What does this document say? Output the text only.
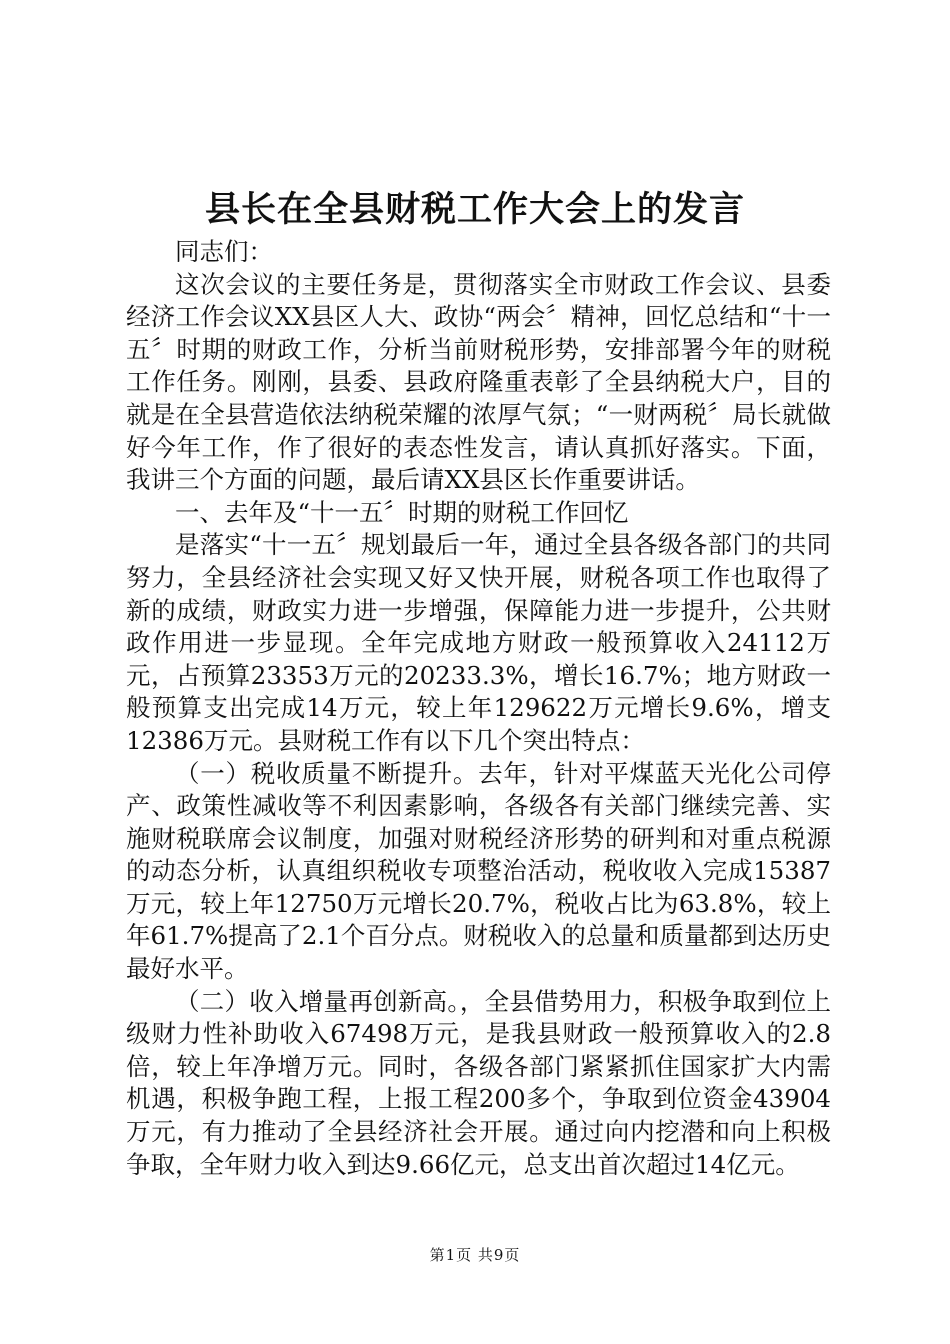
县长在全县财税工作大会上的发言

同志们：

这次会议的主要任务是，贯彻落实全市财政工作会议、县委经济工作会议XX县区人大、政协“两会〞精神，回忆总结和“十一五〞时期的财政工作，分析当前财税形势，安排部署今年的财税工作任务。刚刚，县委、县政府隆重表彰了全县纳税大户，目的就是在全县营造依法纳税荣耀的浓厚气氛；“一财两税〞局长就做好今年工作，作了很好的表态性发言，请认真抓好落实。下面，我讲三个方面的问题，最后请XX县区长作重要讲话。

一、去年及“十一五〞时期的财税工作回忆

是落实“十一五〞规划最后一年，通过全县各级各部门的共同努力，全县经济社会实现又好又快开展，财税各项工作也取得了新的成绩，财政实力进一步增强，保障能力进一步提升，公共财政作用进一步显现。全年完成地方财政一般预算收入24112万元，占预算23353万元的20233.3%，增长16.7%；地方财政一般预算支出完成14万元，较上年129622万元增长9.6%，增支12386万元。县财税工作有以下几个突出特点：

（一）税收质量不断提升。去年，针对平煤蓝天光化公司停产、政策性减收等不利因素影响，各级各有关部门继续完善、实施财税联席会议制度，加强对财税经济形势的研判和对重点税源的动态分析，认真组织税收专项整治活动，税收收入完成15387万元，较上年12750万元增长20.7%，税收占比为63.8%，较上年61.7%提高了2.1个百分点。财税收入的总量和质量都到达历史最好水平。

（二）收入增量再创新高。，全县借势用力，积极争取到位上级财力性补助收入67498万元，是我县财政一般预算收入的2.8倍，较上年净增万元。同时，各级各部门紧紧抓住国家扩大内需机遇，积极争跑工程，上报工程200多个，争取到位资金43904万元，有力推动了全县经济社会开展。通过向内挖潜和向上积极争取，全年财力收入到达9.66亿元，总支出首次超过14亿元。

第1页 共9页
